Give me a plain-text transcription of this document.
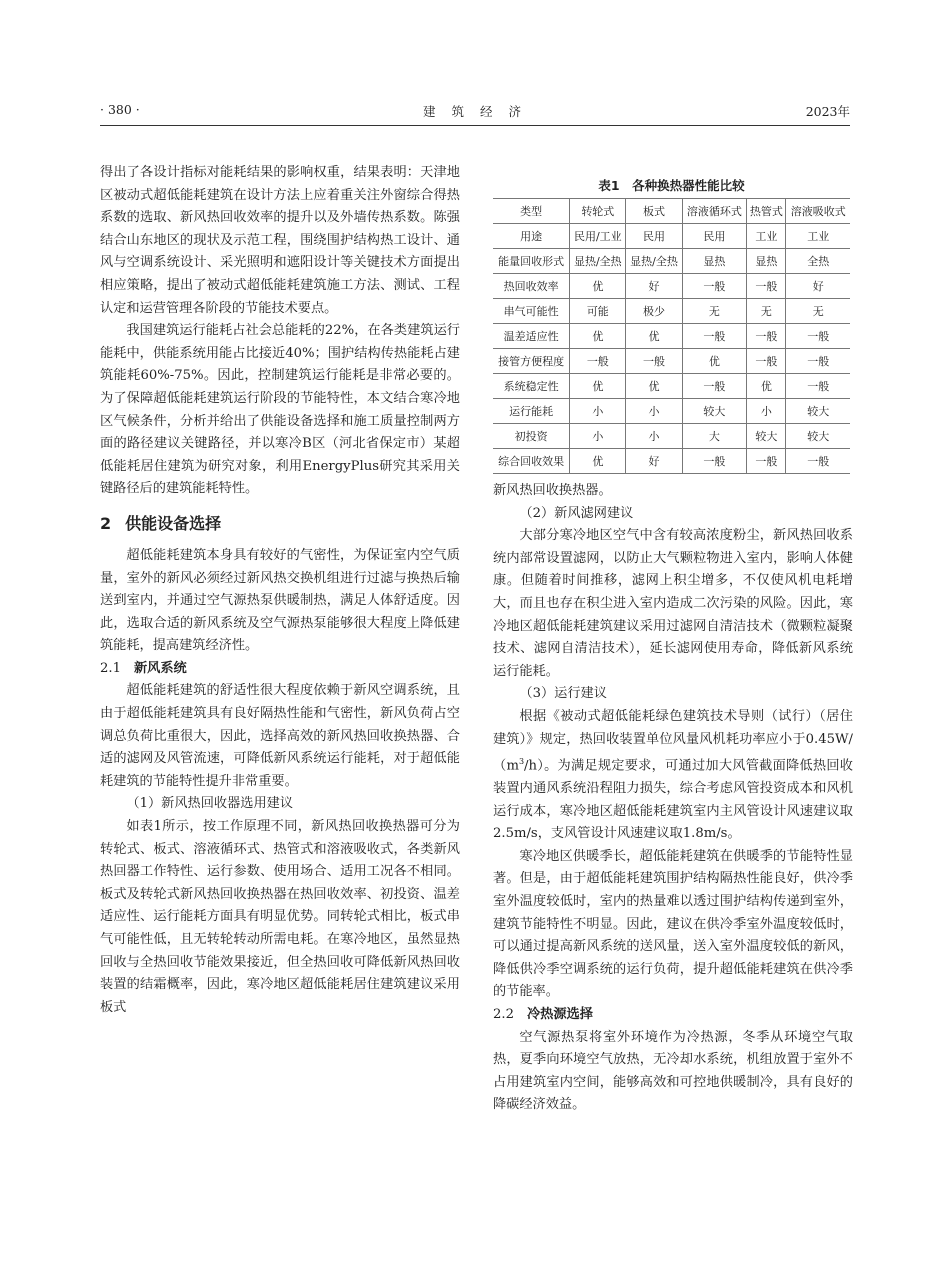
· 380 ·	建 筑 经 济	2023年

得出了各设计指标对能耗结果的影响权重，结果表明：天津地区被动式超低能耗建筑在设计方法上应着重关注外窗综合得热系数的选取、新风热回收效率的提升以及外墙传热系数。陈强结合山东地区的现状及示范工程，围绕围护结构热工设计、通风与空调系统设计、采光照明和遮阳设计等关键技术方面提出相应策略，提出了被动式超低能耗建筑施工方法、测试、工程认定和运营管理各阶段的节能技术要点。

我国建筑运行能耗占社会总能耗的22%，在各类建筑运行能耗中，供能系统用能占比接近40%；围护结构传热能耗占建筑能耗60%-75%。因此，控制建筑运行能耗是非常必要的。为了保障超低能耗建筑运行阶段的节能特性，本文结合寒冷地区气候条件，分析并给出了供能设备选择和施工质量控制两方面的路径建议关键路径，并以寒冷B区（河北省保定市）某超低能耗居住建筑为研究对象，利用EnergyPlus研究其采用关键路径后的建筑能耗特性。

2 供能设备选择

超低能耗建筑本身具有较好的气密性，为保证室内空气质量，室外的新风必须经过新风热交换机组进行过滤与换热后输送到室内，并通过空气源热泵供暖制热，满足人体舒适度。因此，选取合适的新风系统及空气源热泵能够很大程度上降低建筑能耗，提高建筑经济性。

2.1 新风系统

超低能耗建筑的舒适性很大程度依赖于新风空调系统，且由于超低能耗建筑具有良好隔热性能和气密性，新风负荷占空调总负荷比重很大，因此，选择高效的新风热回收换热器、合适的滤网及风管流速，可降低新风系统运行能耗，对于超低能耗建筑的节能特性提升非常重要。

（1）新风热回收器选用建议

如表1所示，按工作原理不同，新风热回收换热器可分为转轮式、板式、溶液循环式、热管式和溶液吸收式，各类新风热回器工作特性、运行参数、使用场合、适用工况各不相同。板式及转轮式新风热回收换热器在热回收效率、初投资、温差适应性、运行能耗方面具有明显优势。同转轮式相比，板式串气可能性低，且无转轮转动所需电耗。在寒冷地区，虽然显热回收与全热回收节能效果接近，但全热回收可降低新风热回收装置的结霜概率，因此，寒冷地区超低能耗居住建筑建议采用板式

表1　各种换热器性能比较
类型	转轮式	板式	溶液循环式	热管式	溶液吸收式
用途	民用/工业	民用	民用	工业	工业
能量回收形式	显热/全热	显热/全热	显热	显热	全热
热回收效率	优	好	一般	一般	好
串气可能性	可能	极少	无	无	无
温差适应性	优	优	一般	一般	一般
接管方便程度	一般	一般	优	一般	一般
系统稳定性	优	优	一般	优	一般
运行能耗	小	小	较大	小	较大
初投资	小	小	大	较大	较大
综合回收效果	优	好	一般	一般	一般

新风热回收换热器。

（2）新风滤网建议

大部分寒冷地区空气中含有较高浓度粉尘，新风热回收系统内部常设置滤网，以防止大气颗粒物进入室内，影响人体健康。但随着时间推移，滤网上积尘增多，不仅使风机电耗增大，而且也存在积尘进入室内造成二次污染的风险。因此，寒冷地区超低能耗建筑建议采用过滤网自清洁技术（微颗粒凝聚技术、滤网自清洁技术），延长滤网使用寿命，降低新风系统运行能耗。

（3）运行建议

根据《被动式超低能耗绿色建筑技术导则（试行）（居住建筑）》规定，热回收装置单位风量风机耗功率应小于$0.45W/(m^3/h)$。为满足规定要求，可通过加大风管截面降低热回收装置内通风系统沿程阻力损失，综合考虑风管投资成本和风机运行成本，寒冷地区超低能耗建筑室内主风管设计风速建议取2.5m/s，支风管设计风速建议取1.8m/s。

寒冷地区供暖季长，超低能耗建筑在供暖季的节能特性显著。但是，由于超低能耗建筑围护结构隔热性能良好，供冷季室外温度较低时，室内的热量难以透过围护结构传递到室外，建筑节能特性不明显。因此，建议在供冷季室外温度较低时，可以通过提高新风系统的送风量，送入室外温度较低的新风，降低供冷季空调系统的运行负荷，提升超低能耗建筑在供冷季的节能率。

2.2 冷热源选择

空气源热泵将室外环境作为冷热源，冬季从环境空气取热，夏季向环境空气放热，无冷却水系统，机组放置于室外不占用建筑室内空间，能够高效和可控地供暖制冷，具有良好的降碳经济效益。
